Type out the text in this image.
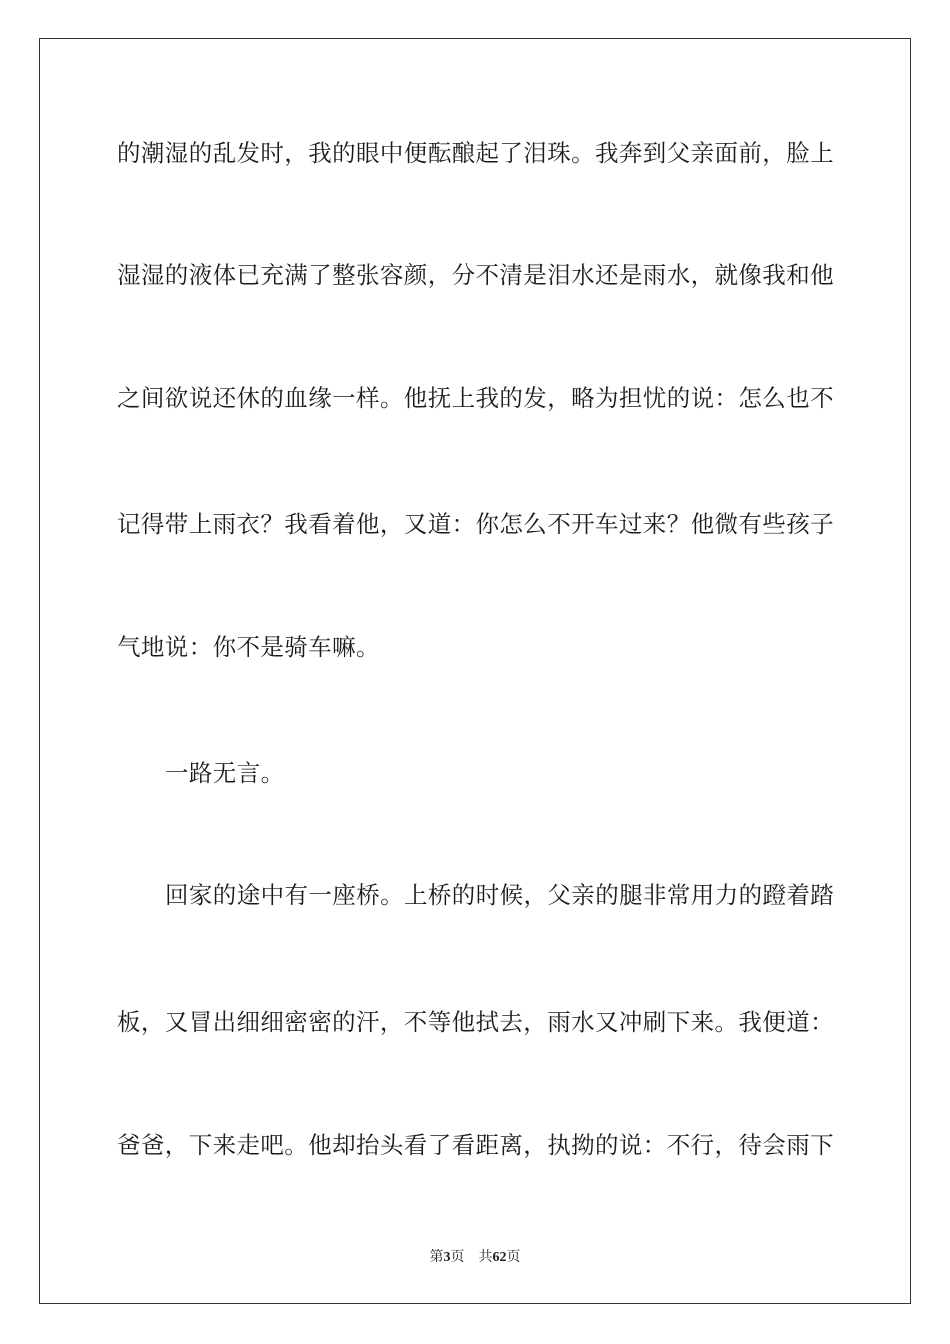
的潮湿的乱发时，我的眼中便酝酿起了泪珠。我奔到父亲面前，脸上
湿湿的液体已充满了整张容颜，分不清是泪水还是雨水，就像我和他
之间欲说还休的血缘一样。他抚上我的发，略为担忧的说：怎么也不
记得带上雨衣？我看着他，又道：你怎么不开车过来？他微有些孩子
气地说：你不是骑车嘛。
一路无言。
回家的途中有一座桥。上桥的时候，父亲的腿非常用力的蹬着踏
板，又冒出细细密密的汗，不等他拭去，雨水又冲刷下来。我便道：
爸爸，下来走吧。他却抬头看了看距离，执拗的说：不行，待会雨下
第3页 共62页
